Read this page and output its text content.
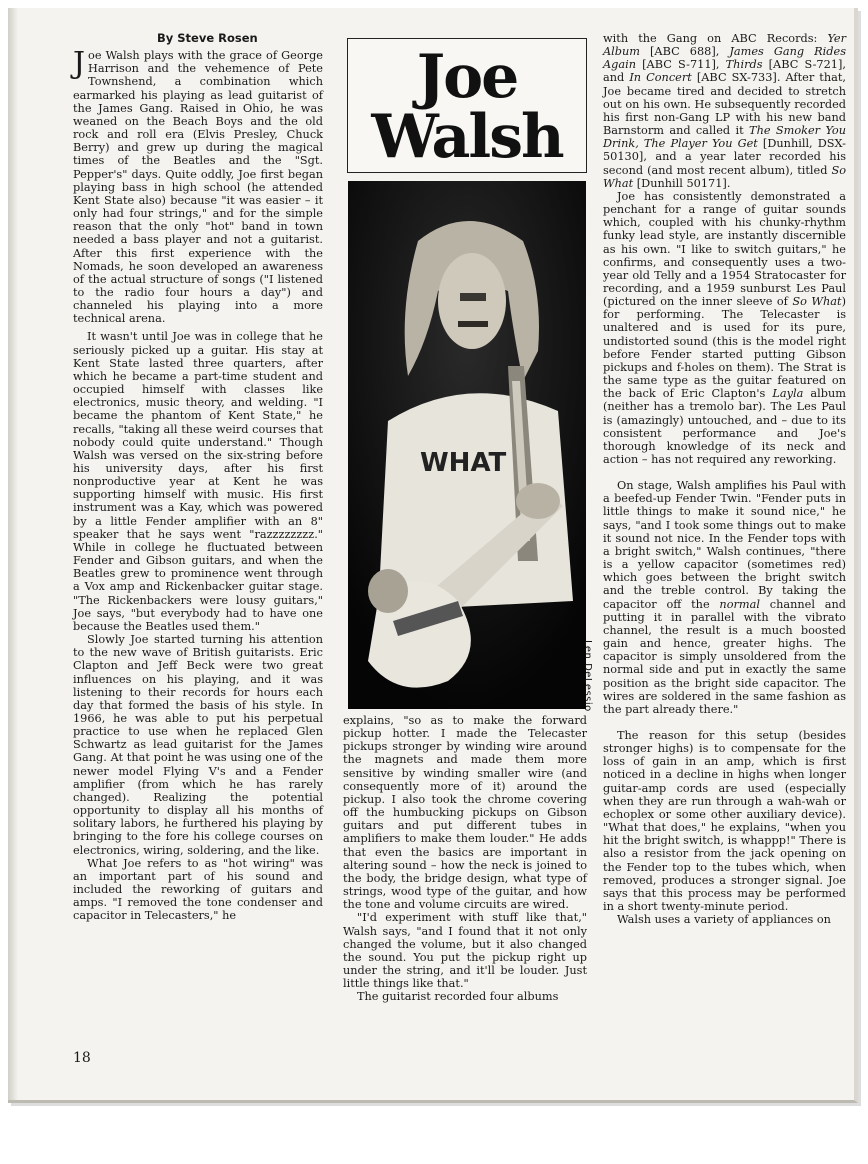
By Steve Rosen

Joe Walsh plays with the grace of George Harrison and the vehemence of Pete Townshend, a combination which earmarked his playing as lead guitarist of the James Gang. Raised in Ohio, he was weaned on the Beach Boys and the old rock and roll era (Elvis Presley, Chuck Berry) and grew up during the magical times of the Beatles and the "Sgt. Pepper's" days. Quite oddly, Joe first began playing bass in high school (he attended Kent State also) because "it was easier – it only had four strings," and for the simple reason that the only "hot" band in town needed a bass player and not a guitarist. After this first experience with the Nomads, he soon developed an awareness of the actual structure of songs ("I listened to the radio four hours a day") and channeled his playing into a more technical arena.

It wasn't until Joe was in college that he seriously picked up a guitar. His stay at Kent State lasted three quarters, after which he became a part-time student and occupied himself with classes like electronics, music theory, and welding. "I became the phantom of Kent State," he recalls, "taking all these weird courses that nobody could quite understand." Though Walsh was versed on the six-string before his university days, after his first nonproductive year at Kent he was supporting himself with music. His first instrument was a Kay, which was powered by a little Fender amplifier with an 8" speaker that he says went "razzzzzzzz." While in college he fluctuated between Fender and Gibson guitars, and when the Beatles grew to prominence went through a Vox amp and Rickenbacker guitar stage. "The Rickenbackers were lousy guitars," Joe says, "but everybody had to have one because the Beatles used them."

Slowly Joe started turning his attention to the new wave of British guitarists. Eric Clapton and Jeff Beck were two great influences on his playing, and it was listening to their records for hours each day that formed the basis of his style. In 1966, he was able to put his perpetual practice to use when he replaced Glen Schwartz as lead guitarist for the James Gang. At that point he was using one of the newer model Flying V's and a Fender amplifier (from which he has rarely changed). Realizing the potential opportunity to display all his months of solitary labors, he furthered his playing by bringing to the fore his college courses on electronics, wiring, soldering, and the like.

What Joe refers to as "hot wiring" was an important part of his sound and included the reworking of guitars and amps. "I removed the tone condenser and capacitor in Telecasters," he

Joe
Walsh
WHAT
Len DeLessio

explains, "so as to make the forward pickup hotter. I made the Telecaster pickups stronger by winding wire around the magnets and made them more sensitive by winding smaller wire (and consequently more of it) around the pickup. I also took the chrome covering off the humbucking pickups on Gibson guitars and put different tubes in amplifiers to make them louder." He adds that even the basics are important in altering sound – how the neck is joined to the body, the bridge design, what type of strings, wood type of the guitar, and how the tone and volume circuits are wired.

"I'd experiment with stuff like that," Walsh says, "and I found that it not only changed the volume, but it also changed the sound. You put the pickup right up under the string, and it'll be louder. Just little things like that."

The guitarist recorded four albums

with the Gang on ABC Records: Yer Album [ABC 688], James Gang Rides Again [ABC S-711], Thirds [ABC S-721], and In Concert [ABC SX-733]. After that, Joe became tired and decided to stretch out on his own. He subsequently recorded his first non-Gang LP with his new band Barnstorm and called it The Smoker You Drink, The Player You Get [Dunhill, DSX-50130], and a year later recorded his second (and most recent album), titled So What [Dunhill 50171].

Joe has consistently demonstrated a penchant for a range of guitar sounds which, coupled with his chunky-rhythm funky lead style, are instantly discernible as his own. "I like to switch guitars," he confirms, and consequently uses a two-year old Telly and a 1954 Stratocaster for recording, and a 1959 sunburst Les Paul (pictured on the inner sleeve of So What) for performing. The Telecaster is unaltered and is used for its pure, undistorted sound (this is the model right before Fender started putting Gibson pickups and f-holes on them). The Strat is the same type as the guitar featured on the back of Eric Clapton's Layla album (neither has a tremolo bar). The Les Paul is (amazingly) untouched, and – due to its consistent performance and Joe's thorough knowledge of its neck and action – has not required any reworking.

On stage, Walsh amplifies his Paul with a beefed-up Fender Twin. "Fender puts in little things to make it sound nice," he says, "and I took some things out to make it sound not nice. In the Fender tops with a bright switch," Walsh continues, "there is a yellow capacitor (sometimes red) which goes between the bright switch and the treble control. By taking the capacitor off the normal channel and putting it in parallel with the vibrato channel, the result is a much boosted gain and hence, greater highs. The capacitor is simply unsoldered from the normal side and put in exactly the same position as the bright side capacitor. The wires are soldered in the same fashion as the part already there."

The reason for this setup (besides stronger highs) is to compensate for the loss of gain in an amp, which is first noticed in a decline in highs when longer guitar-amp cords are used (especially when they are run through a wah-wah or echoplex or some other auxiliary device). "What that does," he explains, "when you hit the bright switch, is whappp!" There is also a resistor from the jack opening on the Fender top to the tubes which, when removed, produces a stronger signal. Joe says that this process may be performed in a short twenty-minute period.

Walsh uses a variety of appliances on

18
